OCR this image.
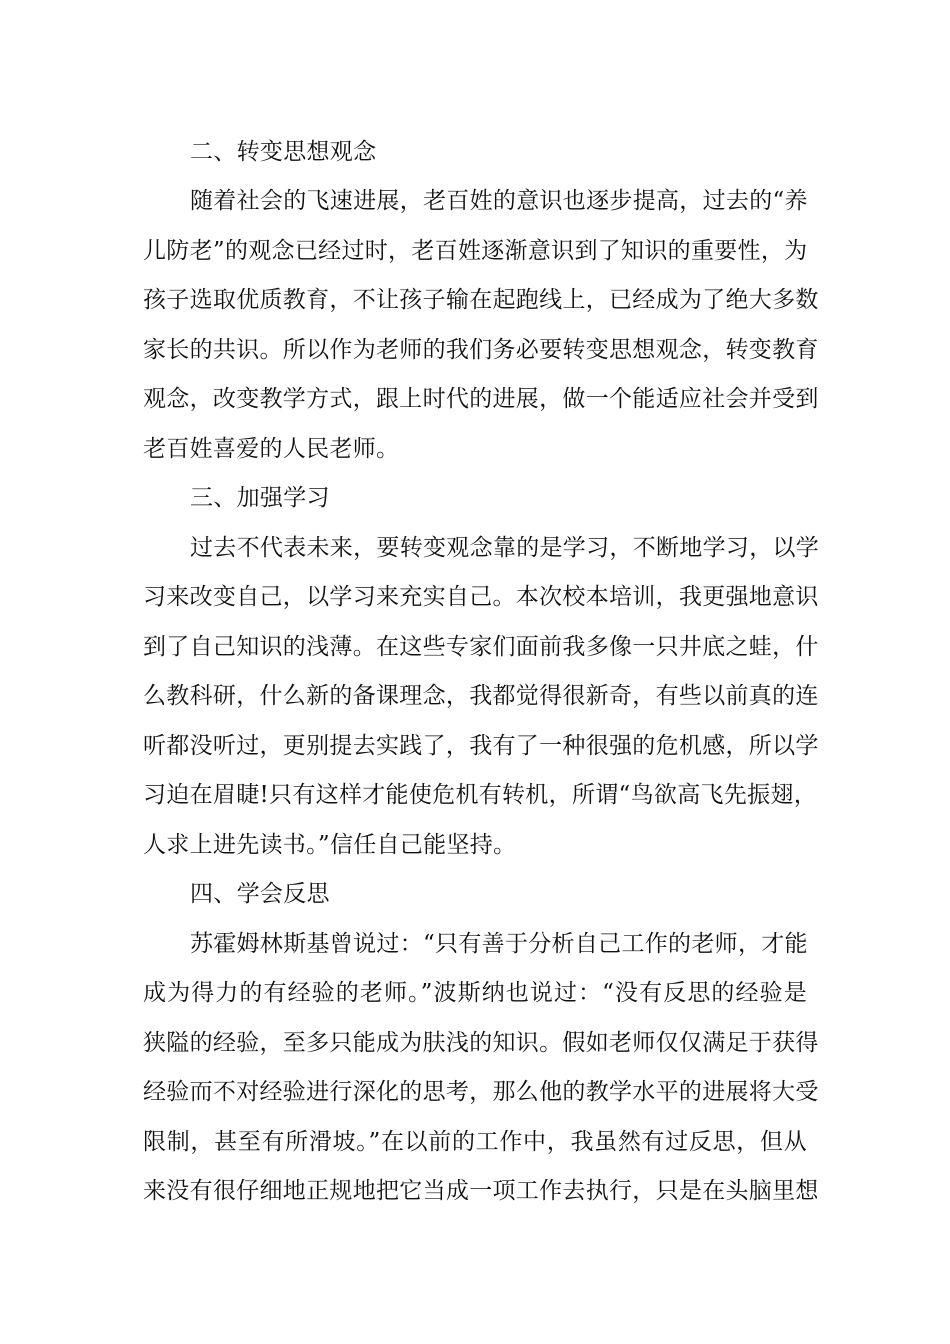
二、转变思想观念
随着社会的飞速进展，老百姓的意识也逐步提高，过去的“养
儿防老”的观念已经过时，老百姓逐渐意识到了知识的重要性，为
孩子选取优质教育，不让孩子输在起跑线上，已经成为了绝大多数
家长的共识。所以作为老师的我们务必要转变思想观念，转变教育
观念，改变教学方式，跟上时代的进展，做一个能适应社会并受到
老百姓喜爱的人民老师。
三、加强学习
过去不代表未来，要转变观念靠的是学习，不断地学习，以学
习来改变自己，以学习来充实自己。本次校本培训，我更强地意识
到了自己知识的浅薄。在这些专家们面前我多像一只井底之蛙，什
么教科研，什么新的备课理念，我都觉得很新奇，有些以前真的连
听都没听过，更别提去实践了，我有了一种很强的危机感，所以学
习迫在眉睫!只有这样才能使危机有转机，所谓“鸟欲高飞先振翅，
人求上进先读书。”信任自己能坚持。
四、学会反思
苏霍姆林斯基曾说过：“只有善于分析自己工作的老师，才能
成为得力的有经验的老师。”波斯纳也说过：“没有反思的经验是
狭隘的经验，至多只能成为肤浅的知识。假如老师仅仅满足于获得
经验而不对经验进行深化的思考，那么他的教学水平的进展将大受
限制，甚至有所滑坡。”在以前的工作中，我虽然有过反思，但从
来没有很仔细地正规地把它当成一项工作去执行，只是在头脑里想
